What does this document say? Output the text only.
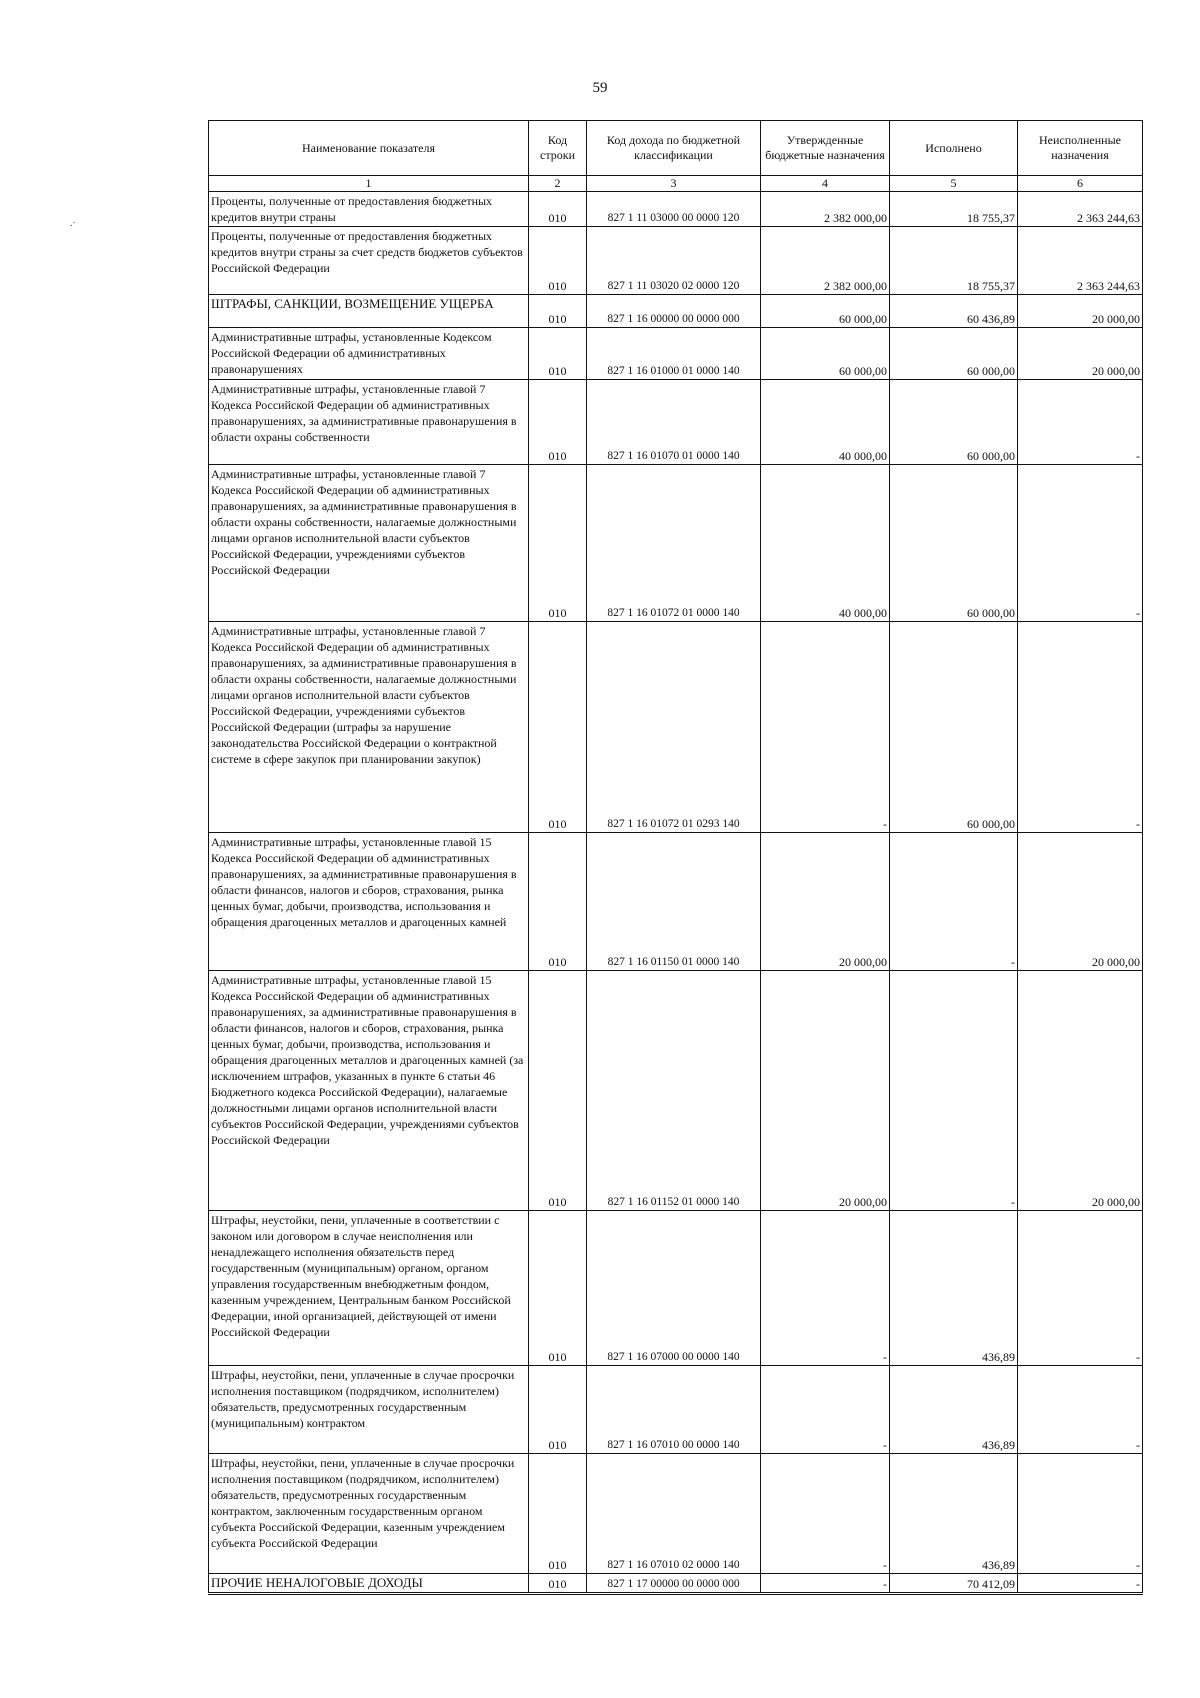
59
.·
Наименование показателя	Код строки	Код дохода по бюджетной классификации	Утвержденные бюджетные назначения	Исполнено	Неисполненные назначения
1	2	3	4	5	6
Проценты, полученные от предоставления бюджетных кредитов внутри страны	010	827 1 11 03000 00 0000 120	2 382 000,00	18 755,37	2 363 244,63
Проценты, полученные от предоставления бюджетных кредитов внутри страны за счет средств бюджетов субъектов Российской Федерации	010	827 1 11 03020 02 0000 120	2 382 000,00	18 755,37	2 363 244,63
ШТРАФЫ, САНКЦИИ, ВОЗМЕЩЕНИЕ УЩЕРБА	010	827 1 16 00000 00 0000 000	60 000,00	60 436,89	20 000,00
Административные штрафы, установленные Кодексом Российской Федерации об административных правонарушениях	010	827 1 16 01000 01 0000 140	60 000,00	60 000,00	20 000,00
Административные штрафы, установленные главой 7 Кодекса Российской Федерации об административных правонарушениях, за административные правонарушения в области охраны собственности	010	827 1 16 01070 01 0000 140	40 000,00	60 000,00	-
Административные штрафы, установленные главой 7 Кодекса Российской Федерации об административных правонарушениях, за административные правонарушения в области охраны собственности, налагаемые должностными лицами органов исполнительной власти субъектов Российской Федерации, учреждениями субъектов Российской Федерации	010	827 1 16 01072 01 0000 140	40 000,00	60 000,00	-
Административные штрафы, установленные главой 7 Кодекса Российской Федерации об административных правонарушениях, за административные правонарушения в области охраны собственности, налагаемые должностными лицами органов исполнительной власти субъектов Российской Федерации, учреждениями субъектов Российской Федерации (штрафы за нарушение законодательства Российской Федерации о контрактной системе в сфере закупок при планировании закупок)	010	827 1 16 01072 01 0293 140	-	60 000,00	-
Административные штрафы, установленные главой 15 Кодекса Российской Федерации об административных правонарушениях, за административные правонарушения в области финансов, налогов и сборов, страхования, рынка ценных бумаг, добычи, производства, использования и обращения драгоценных металлов и драгоценных камней	010	827 1 16 01150 01 0000 140	20 000,00	-	20 000,00
Административные штрафы, установленные главой 15 Кодекса Российской Федерации об административных правонарушениях, за административные правонарушения в области финансов, налогов и сборов, страхования, рынка ценных бумаг, добычи, производства, использования и обращения драгоценных металлов и драгоценных камней (за исключением штрафов, указанных в пункте 6 статьи 46 Бюджетного кодекса Российской Федерации), налагаемые должностными лицами органов исполнительной власти субъектов Российской Федерации, учреждениями субъектов Российской Федерации	010	827 1 16 01152 01 0000 140	20 000,00	-	20 000,00
Штрафы, неустойки, пени, уплаченные в соответствии с законом или договором в случае неисполнения или ненадлежащего исполнения обязательств перед государственным (муниципальным) органом, органом управления государственным внебюджетным фондом, казенным учреждением, Центральным банком Российской Федерации, иной организацией, действующей от имени Российской Федерации	010	827 1 16 07000 00 0000 140	-	436,89	-
Штрафы, неустойки, пени, уплаченные в случае просрочки исполнения поставщиком (подрядчиком, исполнителем) обязательств, предусмотренных государственным (муниципальным) контрактом	010	827 1 16 07010 00 0000 140	-	436,89	-
Штрафы, неустойки, пени, уплаченные в случае просрочки исполнения поставщиком (подрядчиком, исполнителем) обязательств, предусмотренных государственным контрактом, заключенным государственным органом субъекта Российской Федерации, казенным учреждением субъекта Российской Федерации	010	827 1 16 07010 02 0000 140	-	436,89	-
ПРОЧИЕ НЕНАЛОГОВЫЕ ДОХОДЫ	010	827 1 17 00000 00 0000 000	-	70 412,09	-
